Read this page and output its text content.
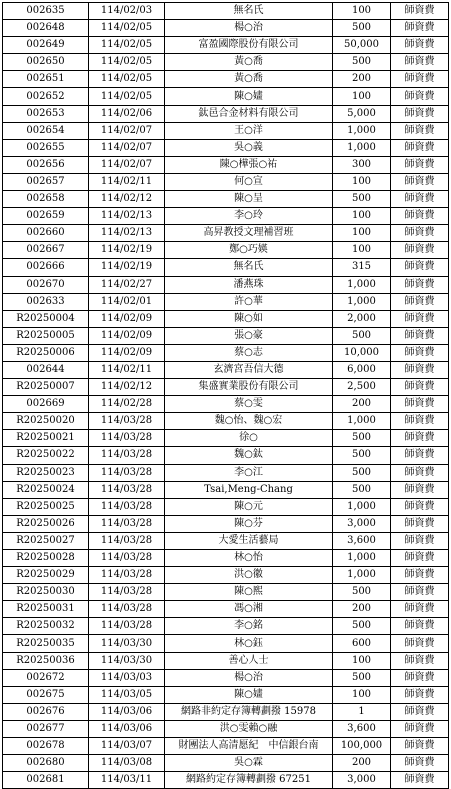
002635	114/02/03	無名氏	100	師資費
002648	114/02/05	楊○治	500	師資費
002649	114/02/05	富盈國際股份有限公司	50,000	師資費
002650	114/02/05	黃○喬	500	師資費
002651	114/02/05	黃○喬	200	師資費
002652	114/02/05	陳○嫿	100	師資費
002653	114/02/06	鈦邑合金材料有限公司	5,000	師資費
002654	114/02/07	王○洋	1,000	師資費
002655	114/02/07	吳○義	1,000	師資費
002656	114/02/07	陳○樺張○祐	300	師資費
002657	114/02/11	何○宣	100	師資費
002658	114/02/12	陳○呈	500	師資費
002659	114/02/13	李○玲	100	師資費
002660	114/02/13	高昇教授文理補習班	100	師資費
002667	114/02/19	鄭○巧媖	100	師資費
002666	114/02/19	無名氏	315	師資費
002670	114/02/27	潘燕珠	1,000	師資費
002633	114/02/01	許○華	1,000	師資費
R20250004	114/02/09	陳○如	2,000	師資費
R20250005	114/02/09	張○豪	500	師資費
R20250006	114/02/09	蔡○志	10,000	師資費
002644	114/02/11	玄濟宮吾信大德	6,000	師資費
R20250007	114/02/12	集盛實業股份有限公司	2,500	師資費
002669	114/02/28	蔡○雯	200	師資費
R20250020	114/03/28	魏○怡、魏○宏	1,000	師資費
R20250021	114/03/28	徐○	500	師資費
R20250022	114/03/28	魏○鈦	500	師資費
R20250023	114/03/28	李○江	500	師資費
R20250024	114/03/28	Tsai,Meng-Chang	500	師資費
R20250025	114/03/28	陳○元	1,000	師資費
R20250026	114/03/28	陳○芬	3,000	師資費
R20250027	114/03/28	大愛生活藝局	3,600	師資費
R20250028	114/03/28	林○怡	1,000	師資費
R20250029	114/03/28	洪○徽	1,000	師資費
R20250030	114/03/28	陳○熙	500	師資費
R20250031	114/03/28	馮○湘	200	師資費
R20250032	114/03/28	李○銘	500	師資費
R20250035	114/03/30	林○鈺	600	師資費
R20250036	114/03/30	善心人士	100	師資費
002672	114/03/03	楊○治	500	師資費
002675	114/03/05	陳○嫿	100	師資費
002676	114/03/06	網路非約定存簿轉劃撥 15978	1	師資費
002677	114/03/06	洪○雯賴○融	3,600	師資費
002678	114/03/07	財團法人高清愿紀　中信銀台南	100,000	師資費
002680	114/03/08	吳○霖	200	師資費
002681	114/03/11	網路約定存簿轉劃撥 67251	3,000	師資費
